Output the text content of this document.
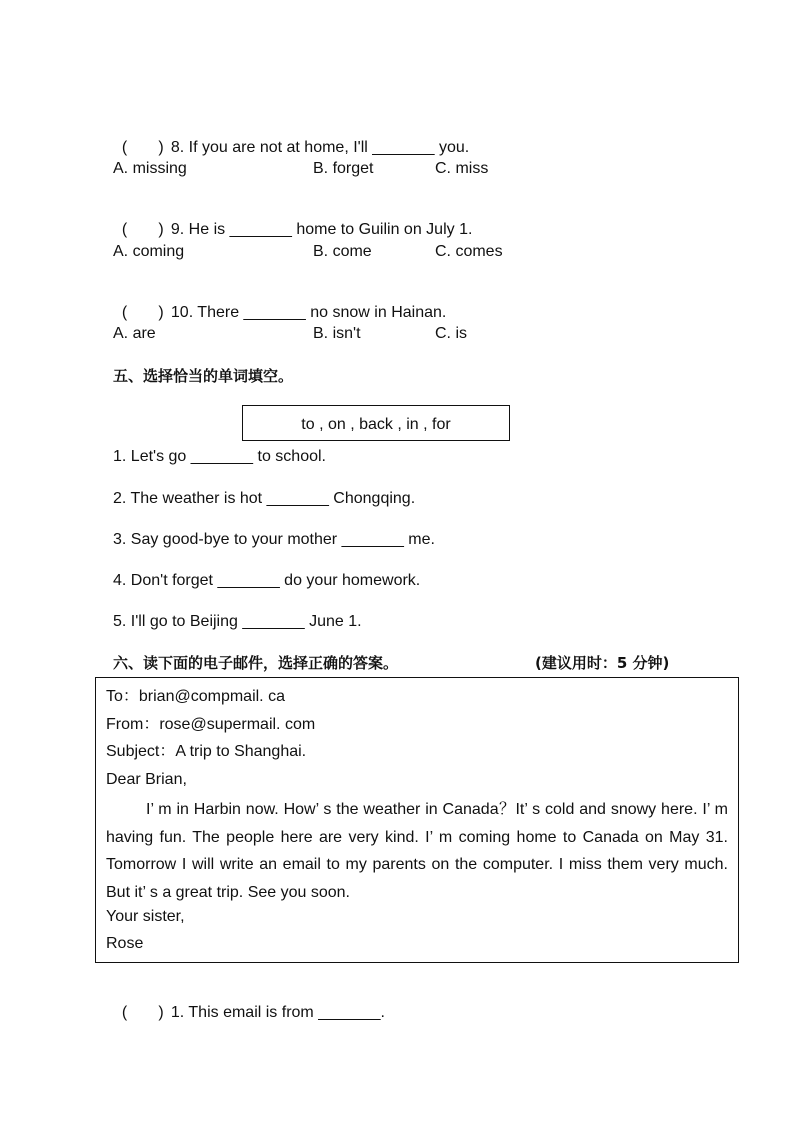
(       ) 8. If you are not at home, I'll _______ you.

A. missing	B. forget	C. miss

(       ) 9. He is _______ home to Guilin on July 1.

A. coming	B. come	C. comes

(       ) 10. There _______ no snow in Hainan.

A. are	B. isn't	C. is
五、选择恰当的单词填空。
to , on , back , in , for
1. Let's go _______ to school.
2. The weather is hot _______ Chongqing.
3. Say good-bye to your mother _______ me.
4. Don't forget _______ do your homework.
5. I'll go to Beijing _______ June 1.
六、读下面的电子邮件，选择正确的答案。	(建议用时：5 分钟)
To：brian@compmail. ca
From：rose@supermail. com
Subject：A trip to Shanghai.
Dear Brian,
I’ m in Harbin now. How’ s the weather in Canada？It’ s cold and snowy here. I’ m having fun. The people here are very kind. I’ m coming home to Canada on May 31. Tomorrow I will write an email to my parents on the computer. I miss them very much. But it’ s a great trip. See you soon.
Your sister,
Rose

(       ) 1. This email is from _______.
